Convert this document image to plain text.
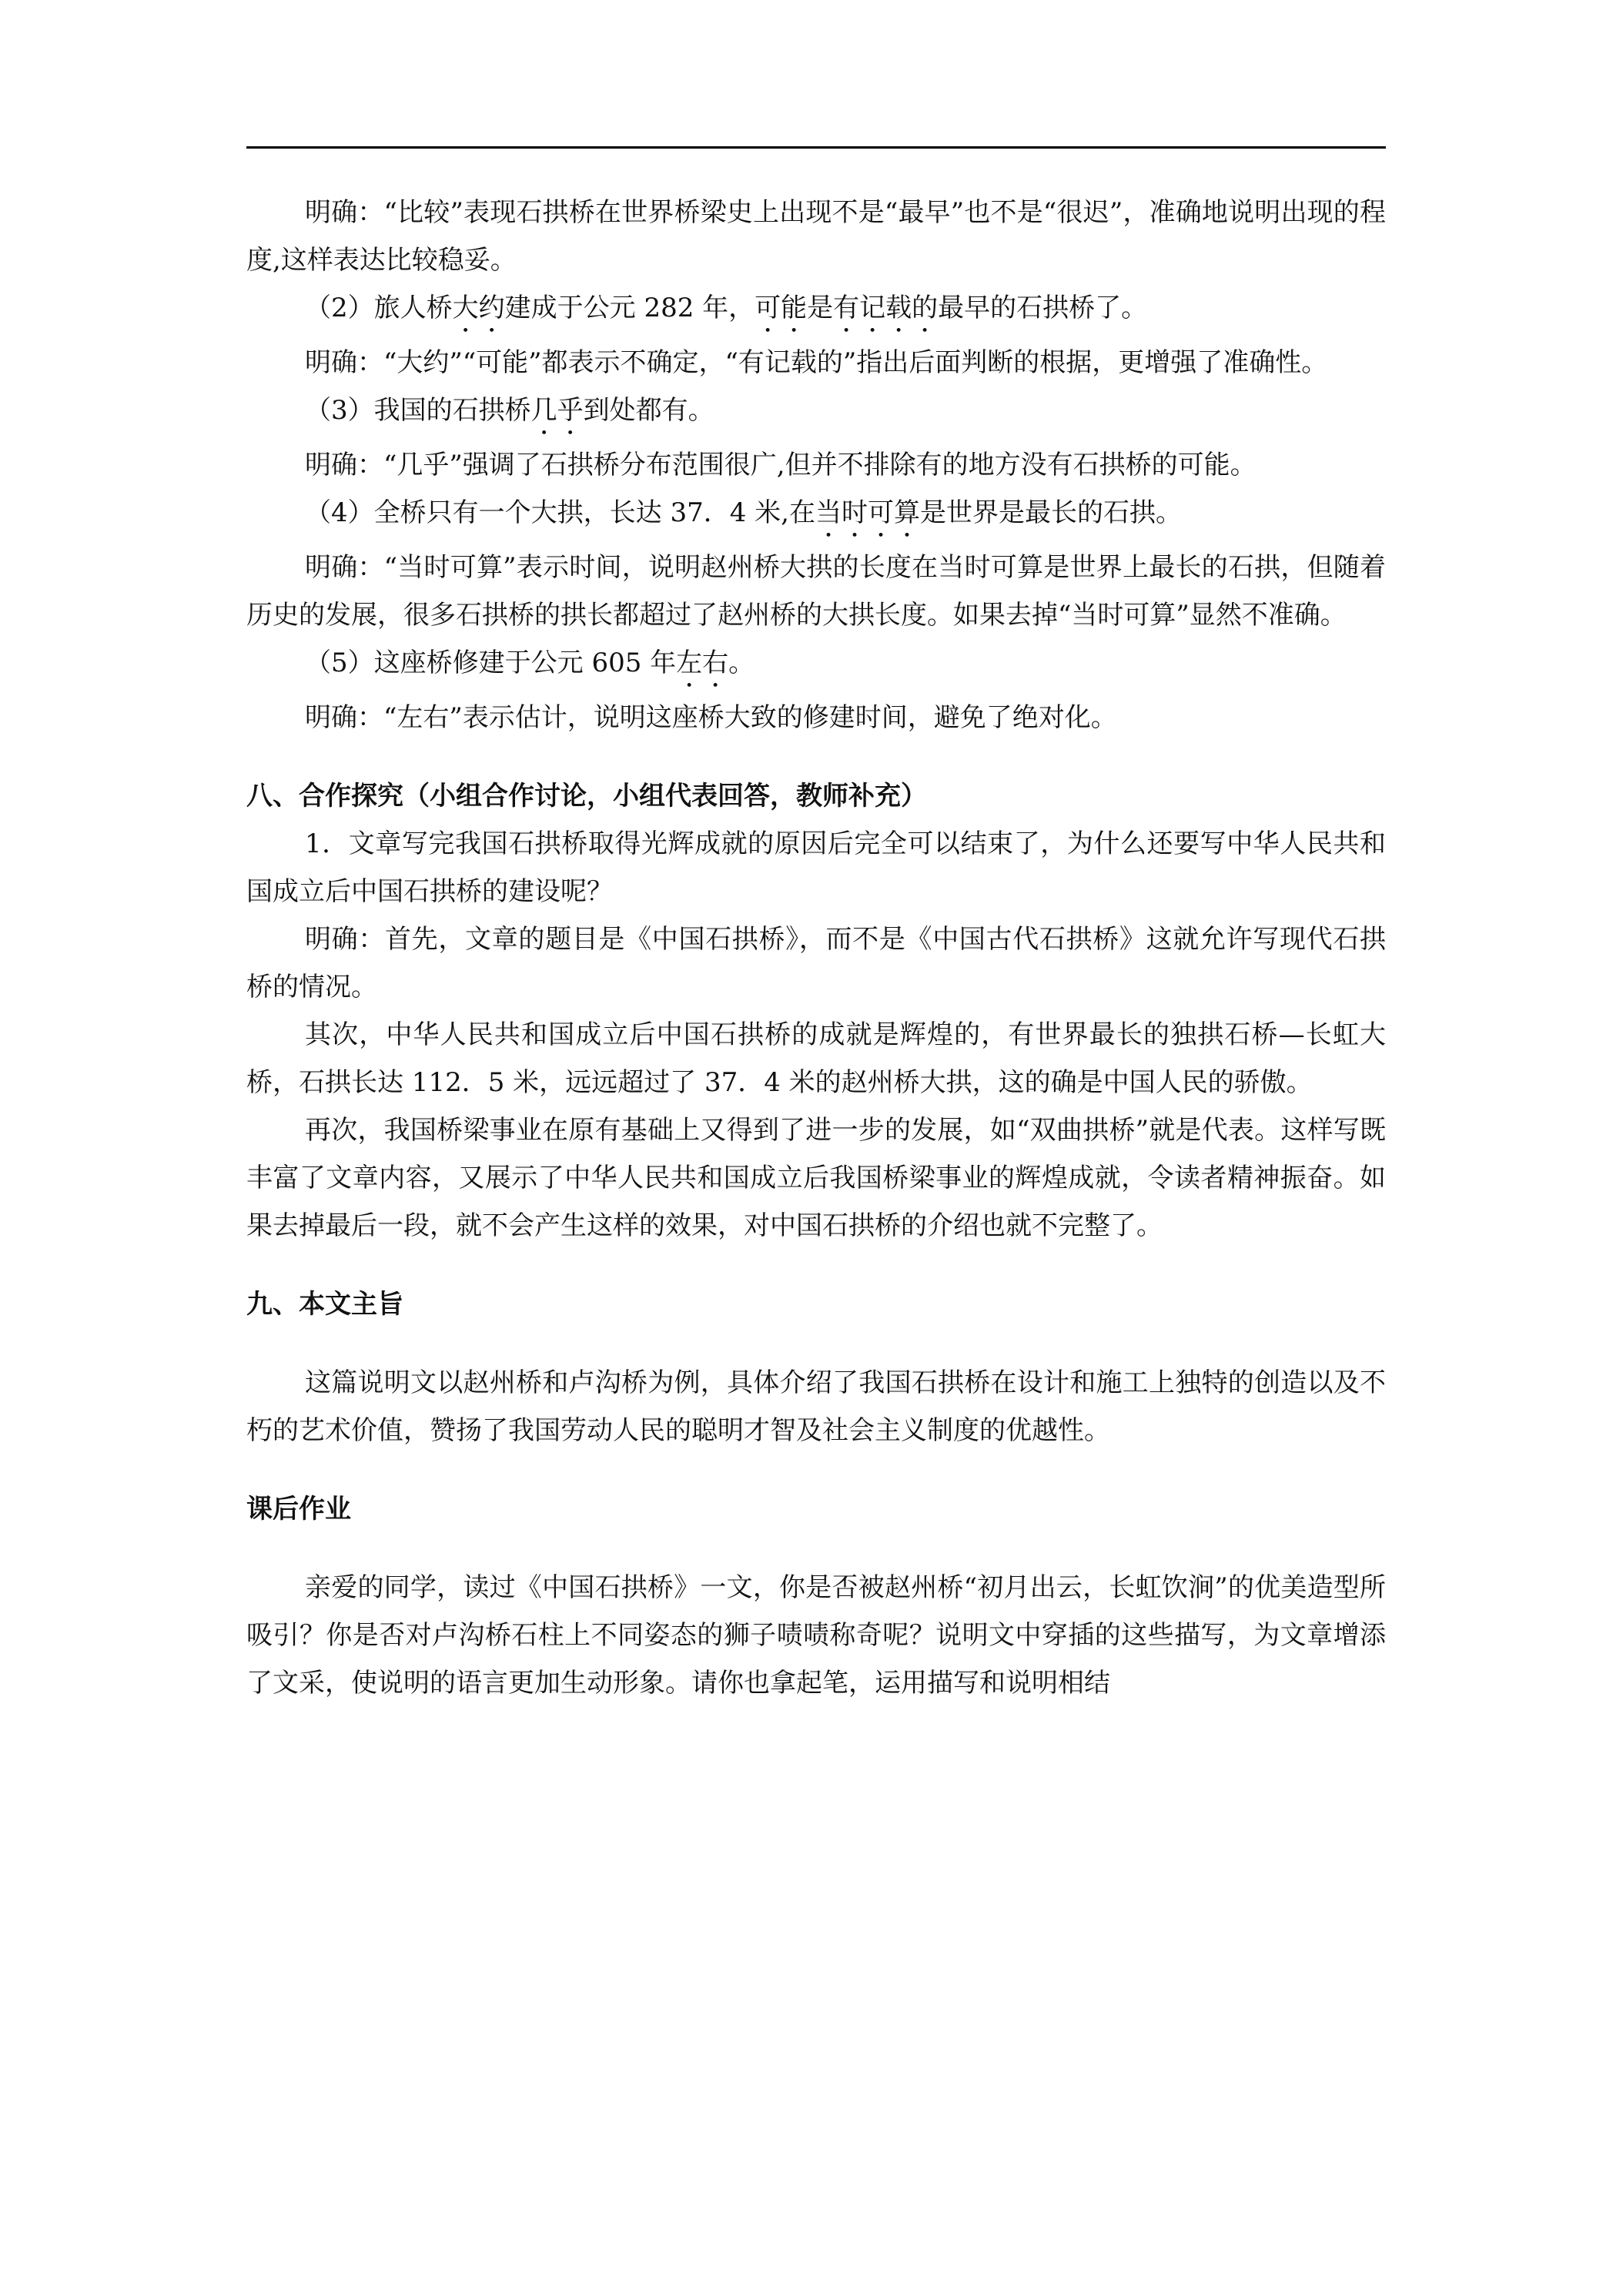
明确：“比较”表现石拱桥在世界桥梁史上出现不是“最早”也不是“很迟”，准确地说明出现的程度,这样表达比较稳妥。

（2）旅人桥大约建成于公元 282 年，可能是有记载的最早的石拱桥了。

明确：“大约”“可能”都表示不确定，“有记载的”指出后面判断的根据，更增强了准确性。

（3）我国的石拱桥几乎到处都有。

明确：“几乎”强调了石拱桥分布范围很广,但并不排除有的地方没有石拱桥的可能。

（4）全桥只有一个大拱，长达 37．4 米,在当时可算是世界是最长的石拱。

明确：“当时可算”表示时间，说明赵州桥大拱的长度在当时可算是世界上最长的石拱，但随着历史的发展，很多石拱桥的拱长都超过了赵州桥的大拱长度。如果去掉“当时可算”显然不准确。

（5）这座桥修建于公元 605 年左右。

明确：“左右”表示估计，说明这座桥大致的修建时间，避免了绝对化。

八、合作探究（小组合作讨论，小组代表回答，教师补充）

1．文章写完我国石拱桥取得光辉成就的原因后完全可以结束了，为什么还要写中华人民共和国成立后中国石拱桥的建设呢？

明确：首先，文章的题目是《中国石拱桥》，而不是《中国古代石拱桥》这就允许写现代石拱桥的情况。

其次，中华人民共和国成立后中国石拱桥的成就是辉煌的，有世界最长的独拱石桥—长虹大桥，石拱长达 112．5 米，远远超过了 37．4 米的赵州桥大拱，这的确是中国人民的骄傲。

再次，我国桥梁事业在原有基础上又得到了进一步的发展，如“双曲拱桥”就是代表。这样写既丰富了文章内容，又展示了中华人民共和国成立后我国桥梁事业的辉煌成就，令读者精神振奋。如果去掉最后一段，就不会产生这样的效果，对中国石拱桥的介绍也就不完整了。

九、本文主旨

这篇说明文以赵州桥和卢沟桥为例，具体介绍了我国石拱桥在设计和施工上独特的创造以及不朽的艺术价值，赞扬了我国劳动人民的聪明才智及社会主义制度的优越性。

课后作业

亲爱的同学，读过《中国石拱桥》一文，你是否被赵州桥“初月出云，长虹饮涧”的优美造型所吸引？你是否对卢沟桥石柱上不同姿态的狮子啧啧称奇呢？说明文中穿插的这些描写，为文章增添了文采，使说明的语言更加生动形象。请你也拿起笔，运用描写和说明相结
